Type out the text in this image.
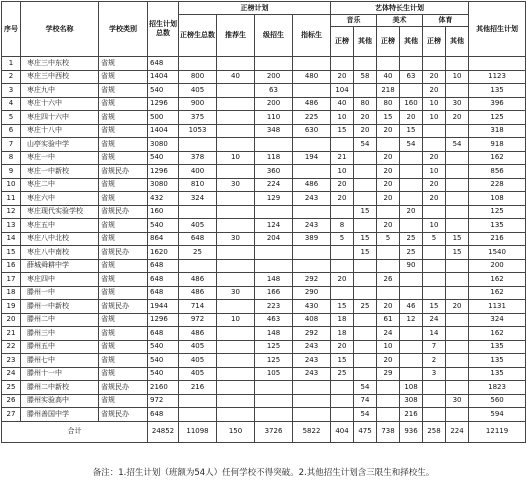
序号	学校名称	学校类别	招生计划总数	正榜计划				艺体特长生计划						其他招生计划
				正榜生总数	推荐生	级招生	指标生	音乐		美术		体育		
								正榜	其他	正榜	其他	正榜	其他	
1	枣庄三中东校	省规	648											
2	枣庄三中西校	省规	1404	800	40	200	480	20	58	40	63	20	10	1123
3	枣庄九中	省规	540	405		63		104		218		20		135
4	枣庄十六中	省规	1296	900		200	486	40	80	80	160	10	30	396
5	枣庄四十六中	省规	500	375		110	225	10	20	15	20	10	20	125
6	枣庄十八中	省规	1404	1053		348	630	15	20	20	15			318
7	山亭实验中学	省规	3080						54		54		54	918
8	枣庄一中	省规	540	378	10	118	194	21		20		20		162
9	枣庄一中新校	省规民办	1296	400		360		10		20		10		856
10	枣庄二中	省规	3080	810	30	224	486	20		20		20		228
11	枣庄六中	省规	432	324		129	243	20		20		20		108
12	枣庄现代实验学校	省规民办	160						15		20			125
13	枣庄五中	省规	540	405		124	243	8		20		10		135
14	枣庄八中北校	省规	864	648	30	204	389	5	15	5	25	5	15	216
15	枣庄八中南校	省规民办	1620	25					15		25		15	1540
16	薛城舜耕中学	省规	648								90			200
17	枣庄四中	省规	648	486		148	292	20		26				162
18	滕州一中	省规	648	486	30	166	290							162
19	滕州一中新校	省规民办	1944	714		223	430	15	25	20	46	15	20	1131
20	滕州二中	省规	1296	972	10	463	408	18		61	12	24		324
21	滕州三中	省规	648	486		148	292	18		24		14		162
22	滕州五中	省规	540	405		125	243	20		10		7		135
23	滕州七中	省规	540	405		125	243	15		20		2		135
24	滕州十一中	省规	540	405		105	243	25		29		3		135
25	滕州二中新校	省规民办	2160	216					54		108			1823
26	滕州实验高中	省规	972						74		308		30	560
27	滕州善国中学	省规民办	648						54		216			594
合计			24852	11098	150	3726	5822	404	475	738	936	258	224	12119
备注：1.招生计划（班额为54人）任何学校不得突破。2.其他招生计划含三限生和择校生。
